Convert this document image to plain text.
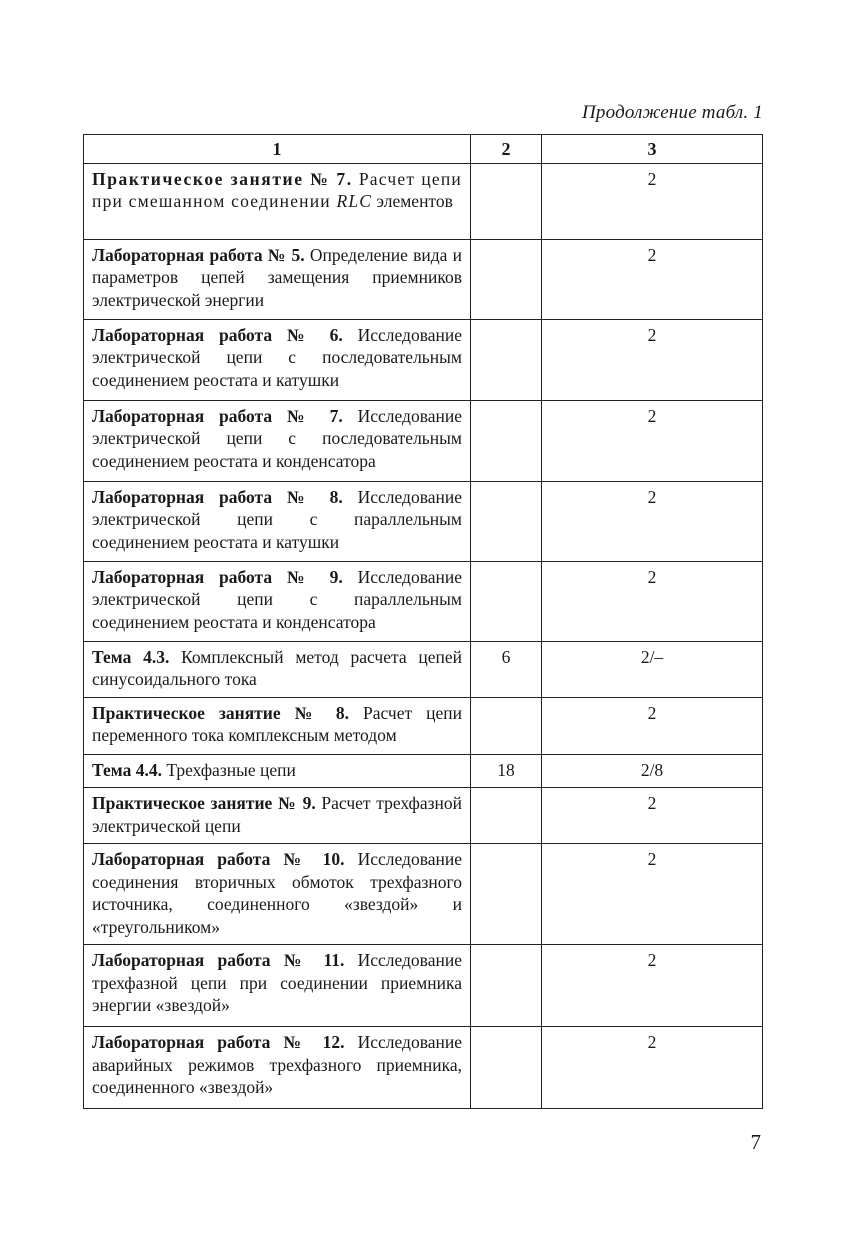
Продолжение табл. 1
1	2	3
Практическое занятие № 7. Расчет цепи при смешанном соединении RLC элементов		2
Лабораторная работа № 5. Определение вида и параметров цепей замещения приемников электрической энергии		2
Лабораторная работа № 6. Исследование электрической цепи с последовательным соединением реостата и катушки		2
Лабораторная работа № 7. Исследование электрической цепи с последовательным соединением реостата и конденсатора		2
Лабораторная работа № 8. Исследование электрической цепи с параллельным соединением реостата и катушки		2
Лабораторная работа № 9. Исследование электрической цепи с параллельным соединением реостата и конденсатора		2
Тема 4.3. Комплексный метод расчета цепей синусоидального тока	6	2/–
Практическое занятие № 8. Расчет цепи переменного тока комплексным методом		2
Тема 4.4. Трехфазные цепи	18	2/8
Практическое занятие № 9. Расчет трехфазной электрической цепи		2
Лабораторная работа № 10. Исследование соединения вторичных обмоток трехфазного источника, соединенного «звездой» и «треугольником»		2
Лабораторная работа № 11. Исследование трехфазной цепи при соединении приемника энергии «звездой»		2
Лабораторная работа № 12. Исследование аварийных режимов трехфазного приемника, соединенного «звездой»		2
7
